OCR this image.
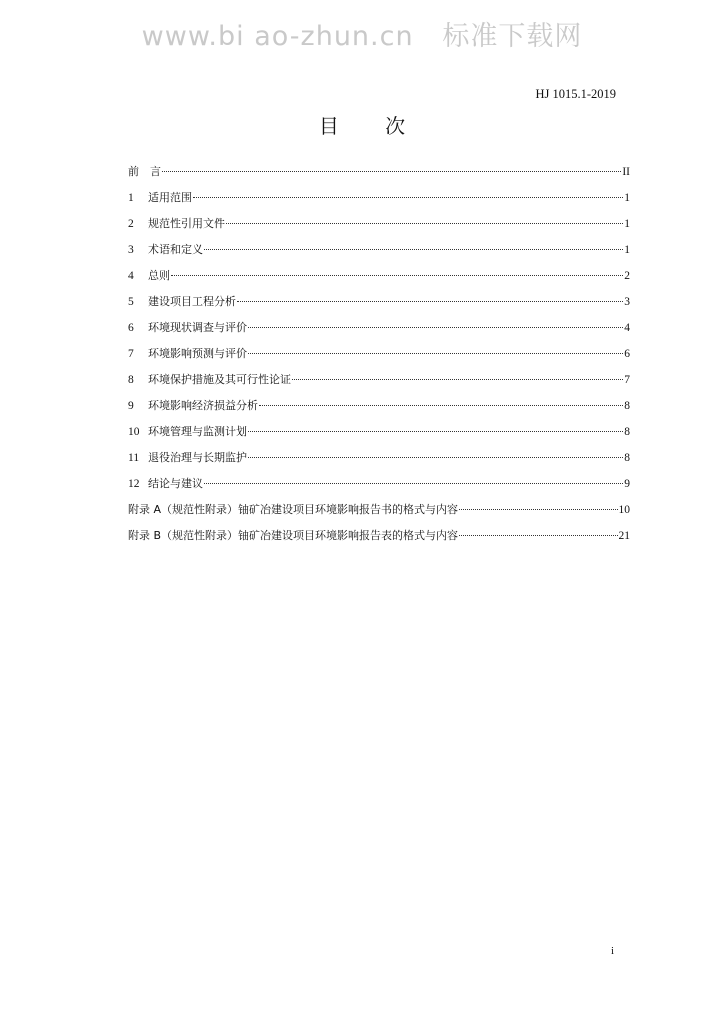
www.bi ao-zhun.cn   标准下载网
HJ 1015.1-2019
目 次
前　言	II
1	适用范围	1
2	规范性引用文件	1
3	术语和定义	1
4	总则	2
5	建设项目工程分析	3
6	环境现状调查与评价	4
7	环境影响预测与评价	6
8	环境保护措施及其可行性论证	7
9	环境影响经济损益分析	8
10 环境管理与监测计划	8
11 退役治理与长期监护	8
12 结论与建议	9
附录 A（规范性附录）铀矿冶建设项目环境影响报告书的格式与内容	10
附录 B（规范性附录）铀矿冶建设项目环境影响报告表的格式与内容	21
i
